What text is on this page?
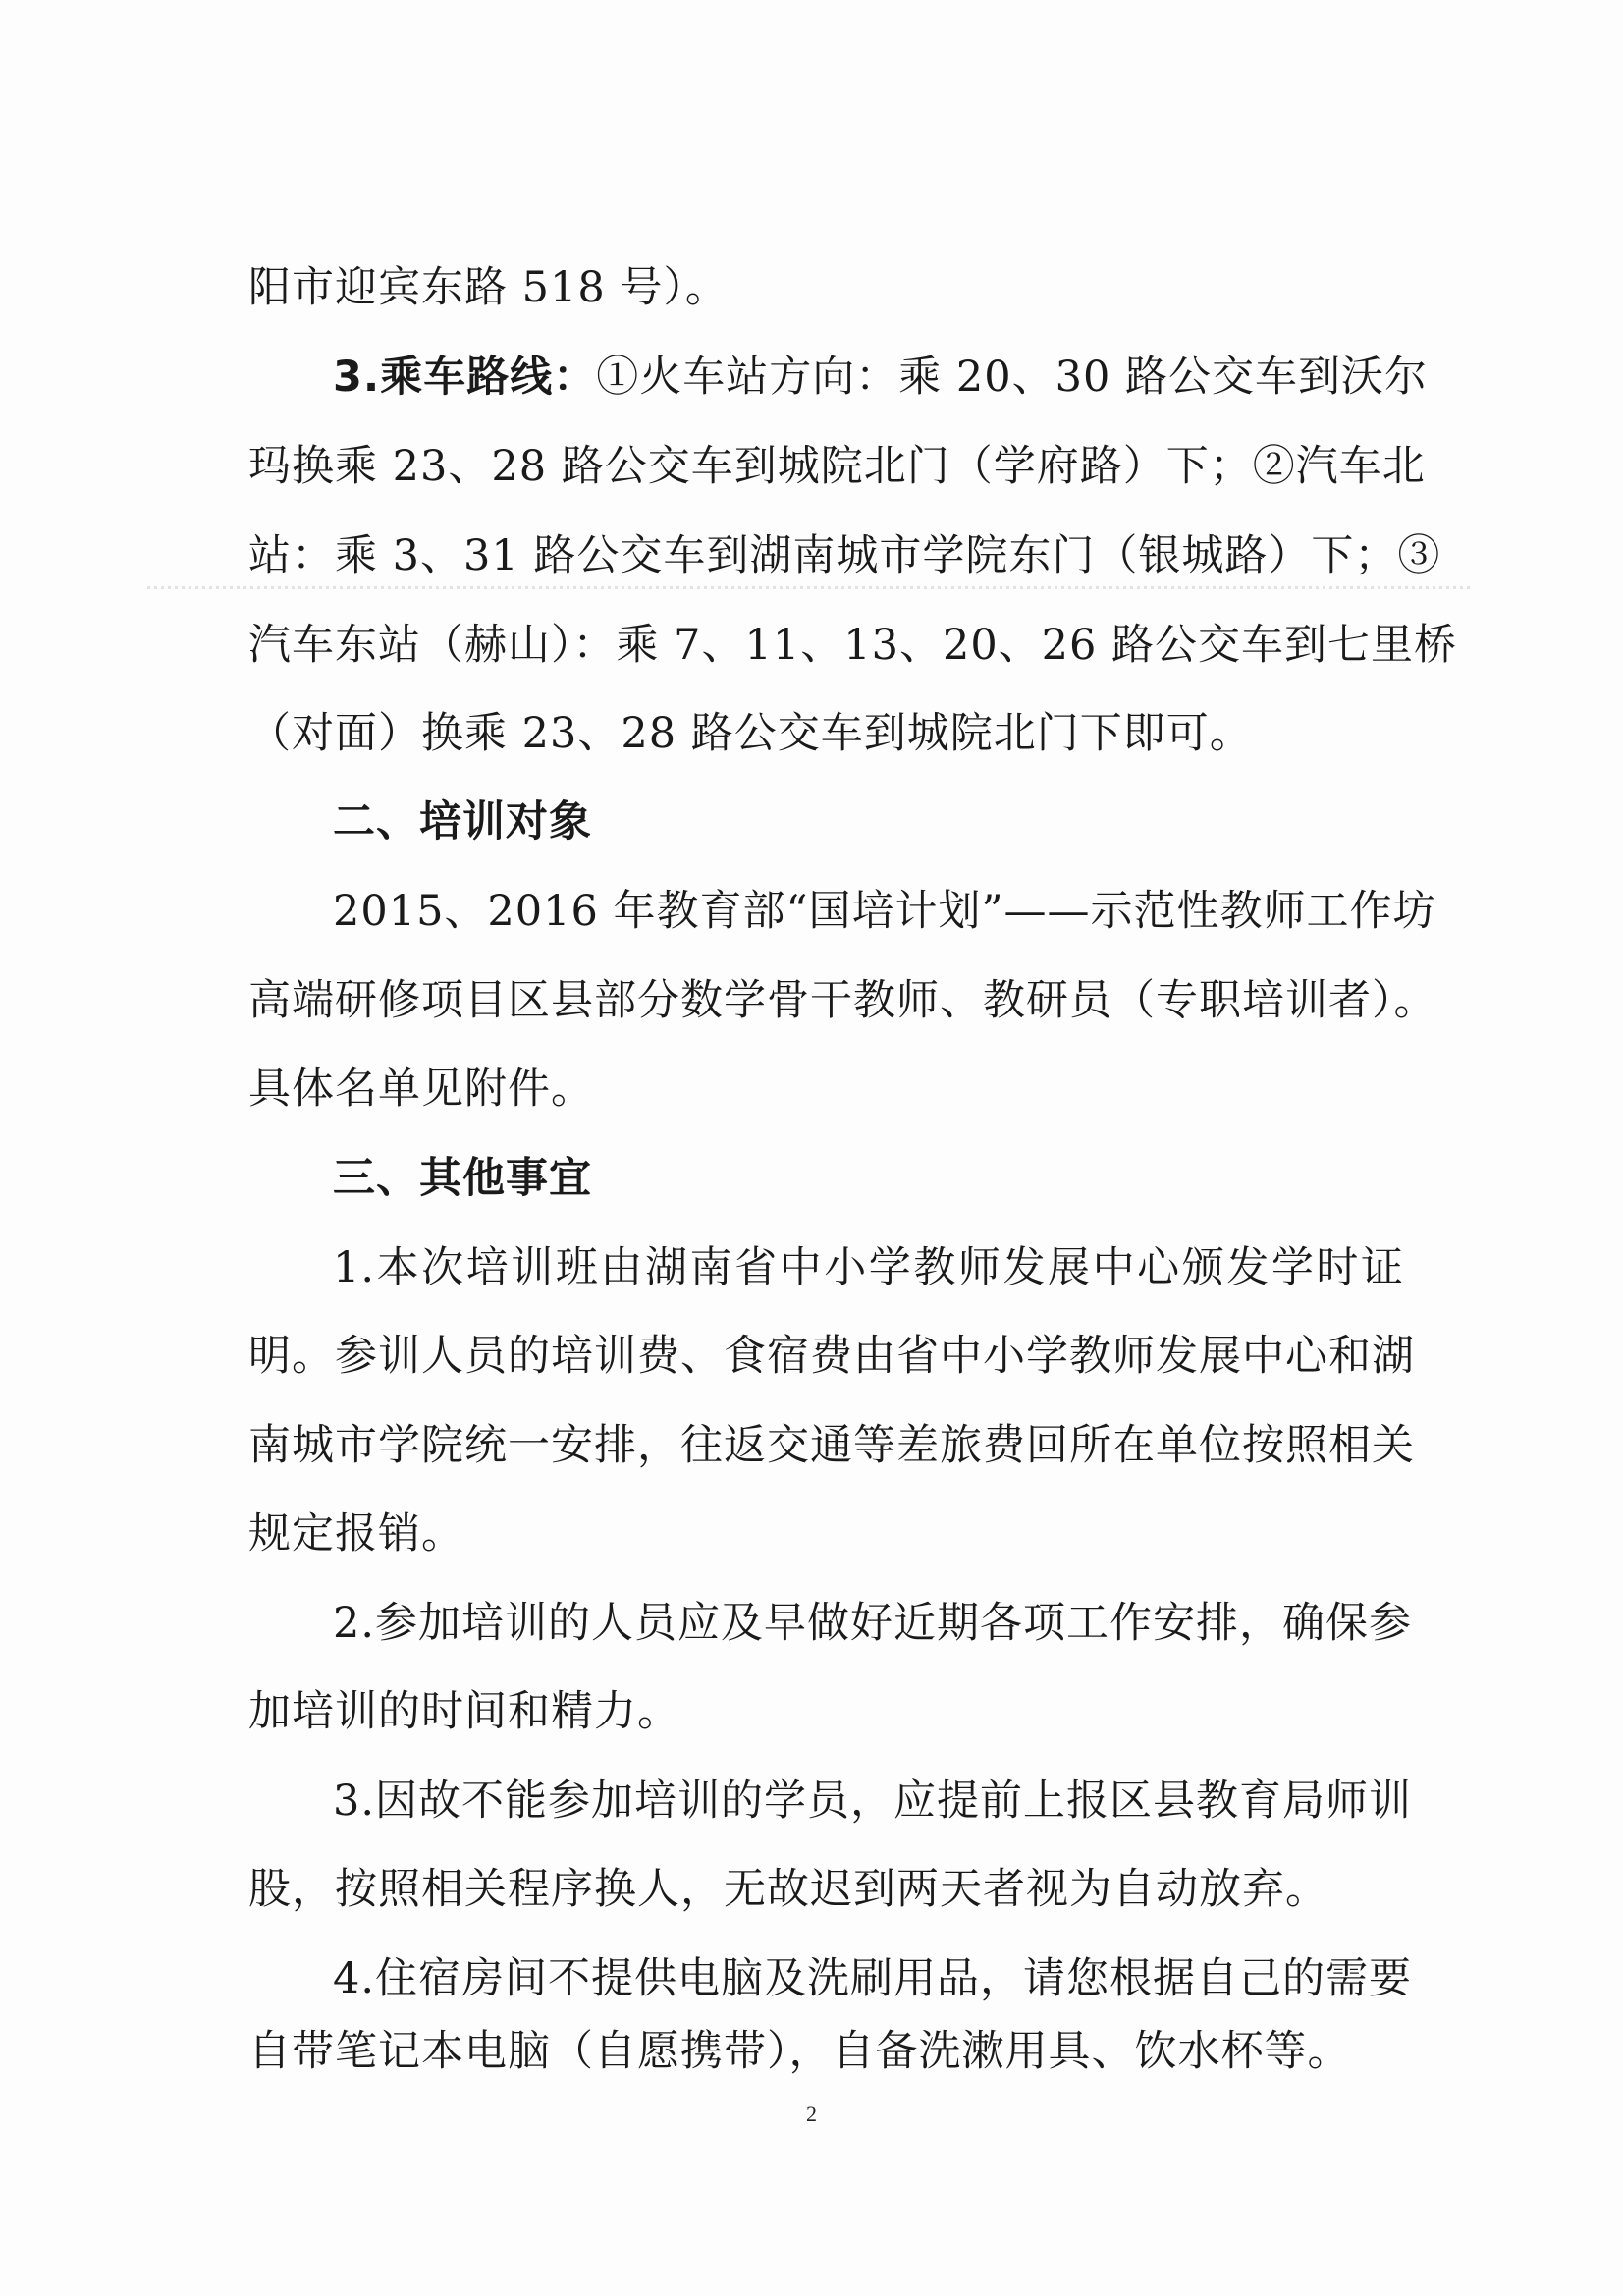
阳市迎宾东路 518 号）。
3.乘车路线：①火车站方向：乘 20、30 路公交车到沃尔
玛换乘 23、28 路公交车到城院北门（学府路）下；②汽车北
站：乘 3、31 路公交车到湖南城市学院东门（银城路）下；③
汽车东站（赫山）：乘 7、11、13、20、26 路公交车到七里桥
（对面）换乘 23、28 路公交车到城院北门下即可。
二、培训对象
2015、2016 年教育部“国培计划”——示范性教师工作坊
高端研修项目区县部分数学骨干教师、教研员（专职培训者）。
具体名单见附件。
三、其他事宜
1.本次培训班由湖南省中小学教师发展中心颁发学时证
明。参训人员的培训费、食宿费由省中小学教师发展中心和湖
南城市学院统一安排，往返交通等差旅费回所在单位按照相关
规定报销。
2.参加培训的人员应及早做好近期各项工作安排，确保参
加培训的时间和精力。
3.因故不能参加培训的学员，应提前上报区县教育局师训
股，按照相关程序换人，无故迟到两天者视为自动放弃。
4.住宿房间不提供电脑及洗刷用品，请您根据自己的需要
自带笔记本电脑（自愿携带），自备洗漱用具、饮水杯等。
2
